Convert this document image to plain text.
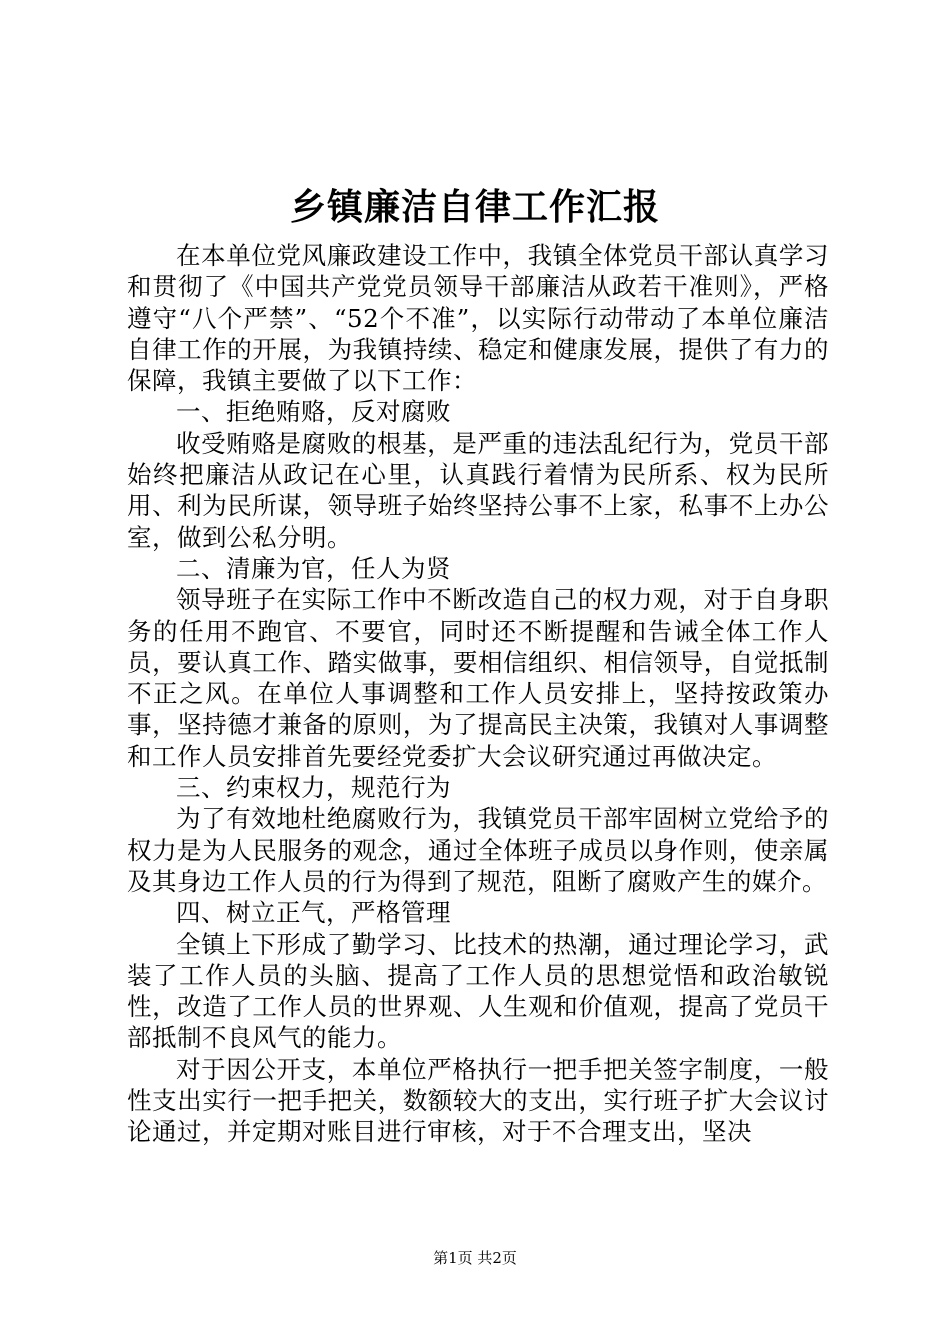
乡镇廉洁自律工作汇报

在本单位党风廉政建设工作中，我镇全体党员干部认真学习和贯彻了《中国共产党党员领导干部廉洁从政若干准则》，严格遵守“八个严禁”、“52个不准”，以实际行动带动了本单位廉洁自律工作的开展，为我镇持续、稳定和健康发展，提供了有力的保障，我镇主要做了以下工作：

一、拒绝贿赂，反对腐败

收受贿赂是腐败的根基，是严重的违法乱纪行为，党员干部始终把廉洁从政记在心里，认真践行着情为民所系、权为民所用、利为民所谋，领导班子始终坚持公事不上家，私事不上办公室，做到公私分明。

二、清廉为官，任人为贤

领导班子在实际工作中不断改造自己的权力观，对于自身职务的任用不跑官、不要官，同时还不断提醒和告诫全体工作人员，要认真工作、踏实做事，要相信组织、相信领导，自觉抵制不正之风。在单位人事调整和工作人员安排上，坚持按政策办事，坚持德才兼备的原则，为了提高民主决策，我镇对人事调整和工作人员安排首先要经党委扩大会议研究通过再做决定。

三、约束权力，规范行为

为了有效地杜绝腐败行为，我镇党员干部牢固树立党给予的权力是为人民服务的观念，通过全体班子成员以身作则，使亲属及其身边工作人员的行为得到了规范，阻断了腐败产生的媒介。

四、树立正气，严格管理

全镇上下形成了勤学习、比技术的热潮，通过理论学习，武装了工作人员的头脑、提高了工作人员的思想觉悟和政治敏锐性，改造了工作人员的世界观、人生观和价值观，提高了党员干部抵制不良风气的能力。

对于因公开支，本单位严格执行一把手把关签字制度，一般性支出实行一把手把关，数额较大的支出，实行班子扩大会议讨论通过，并定期对账目进行审核，对于不合理支出，坚决

第1页 共2页
